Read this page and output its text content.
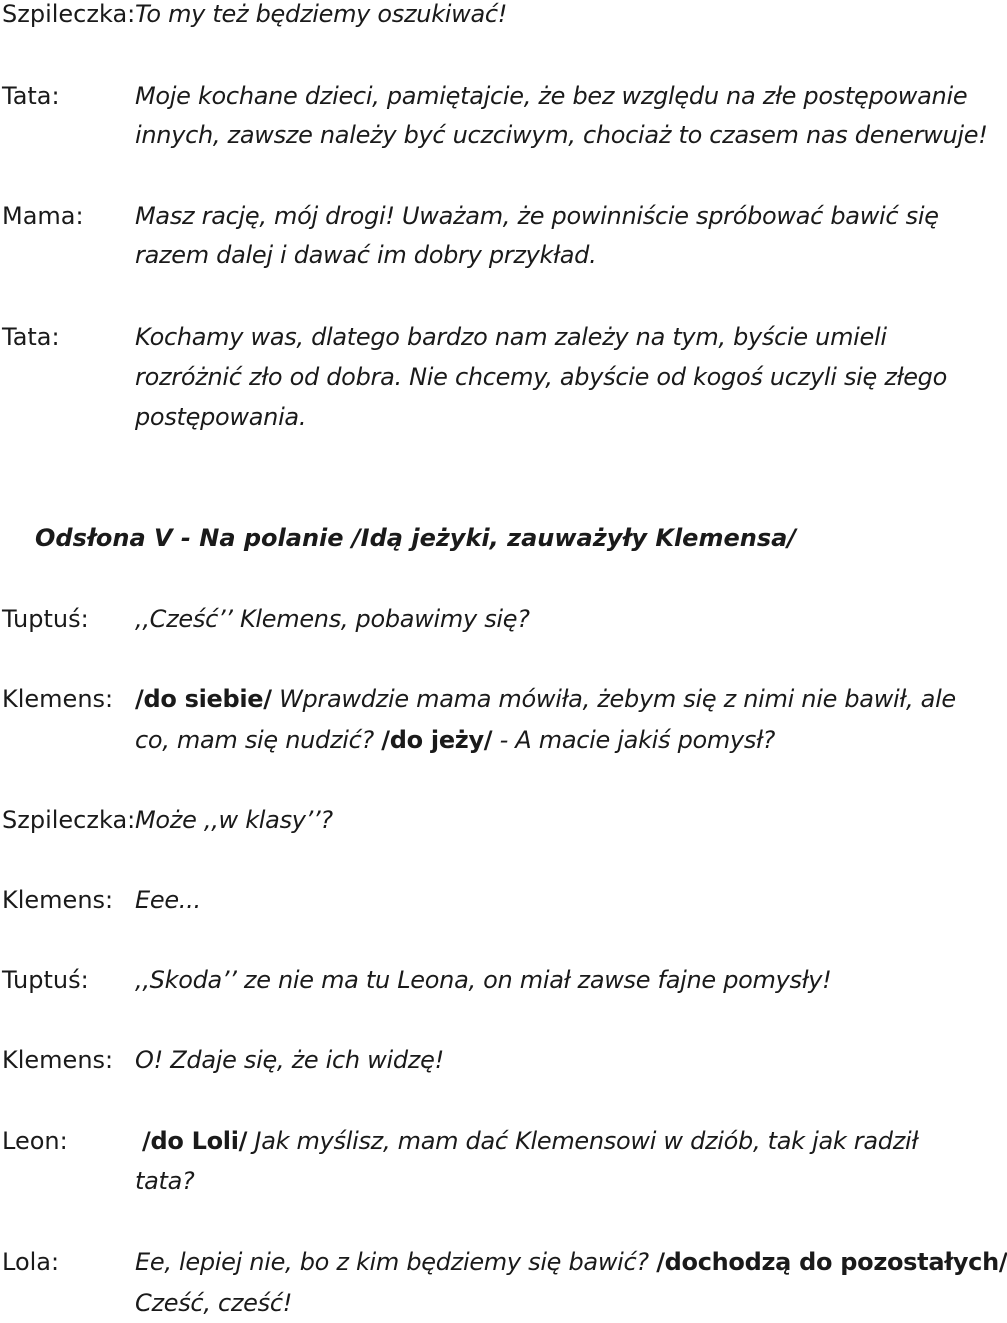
Szpileczka: To my też będziemy oszukiwać!
Tata:	Moje kochane dzieci, pamiętajcie, że bez względu na złe postępowanie
innych, zawsze należy być uczciwym, chociaż to czasem nas denerwuje!
Mama: Masz rację, mój drogi! Uważam, że powinniście spróbować bawić się
razem dalej i dawać im dobry przykład.
Tata:	Kochamy was, dlatego bardzo nam zależy na tym, byście umieli
rozróżnić zło od dobra. Nie chcemy, abyście od kogoś uczyli się złego
postępowania.
Odsłona V - Na polanie /Idą jeżyki, zauważyły Klemensa/
Tuptuś: ,,Cześć’’ Klemens, pobawimy się?
Klemens: /do siebie/ Wprawdzie mama mówiła, żebym się z nimi nie bawił, ale
co, mam się nudzić? /do jeży/ - A macie jakiś pomysł?
Szpileczka: Może ,,w klasy’’?
Klemens: Eee...
Tuptuś: ,,Skoda’’ ze nie ma tu Leona, on miał zawse fajne pomysły!
Klemens: O! Zdaje się, że ich widzę!
Leon:	/do Loli/ Jak myślisz, mam dać Klemensowi w dziób, tak jak radził
tata?
Lola:	Ee, lepiej nie, bo z kim będziemy się bawić? /dochodzą do pozostałych/
Cześć, cześć!
